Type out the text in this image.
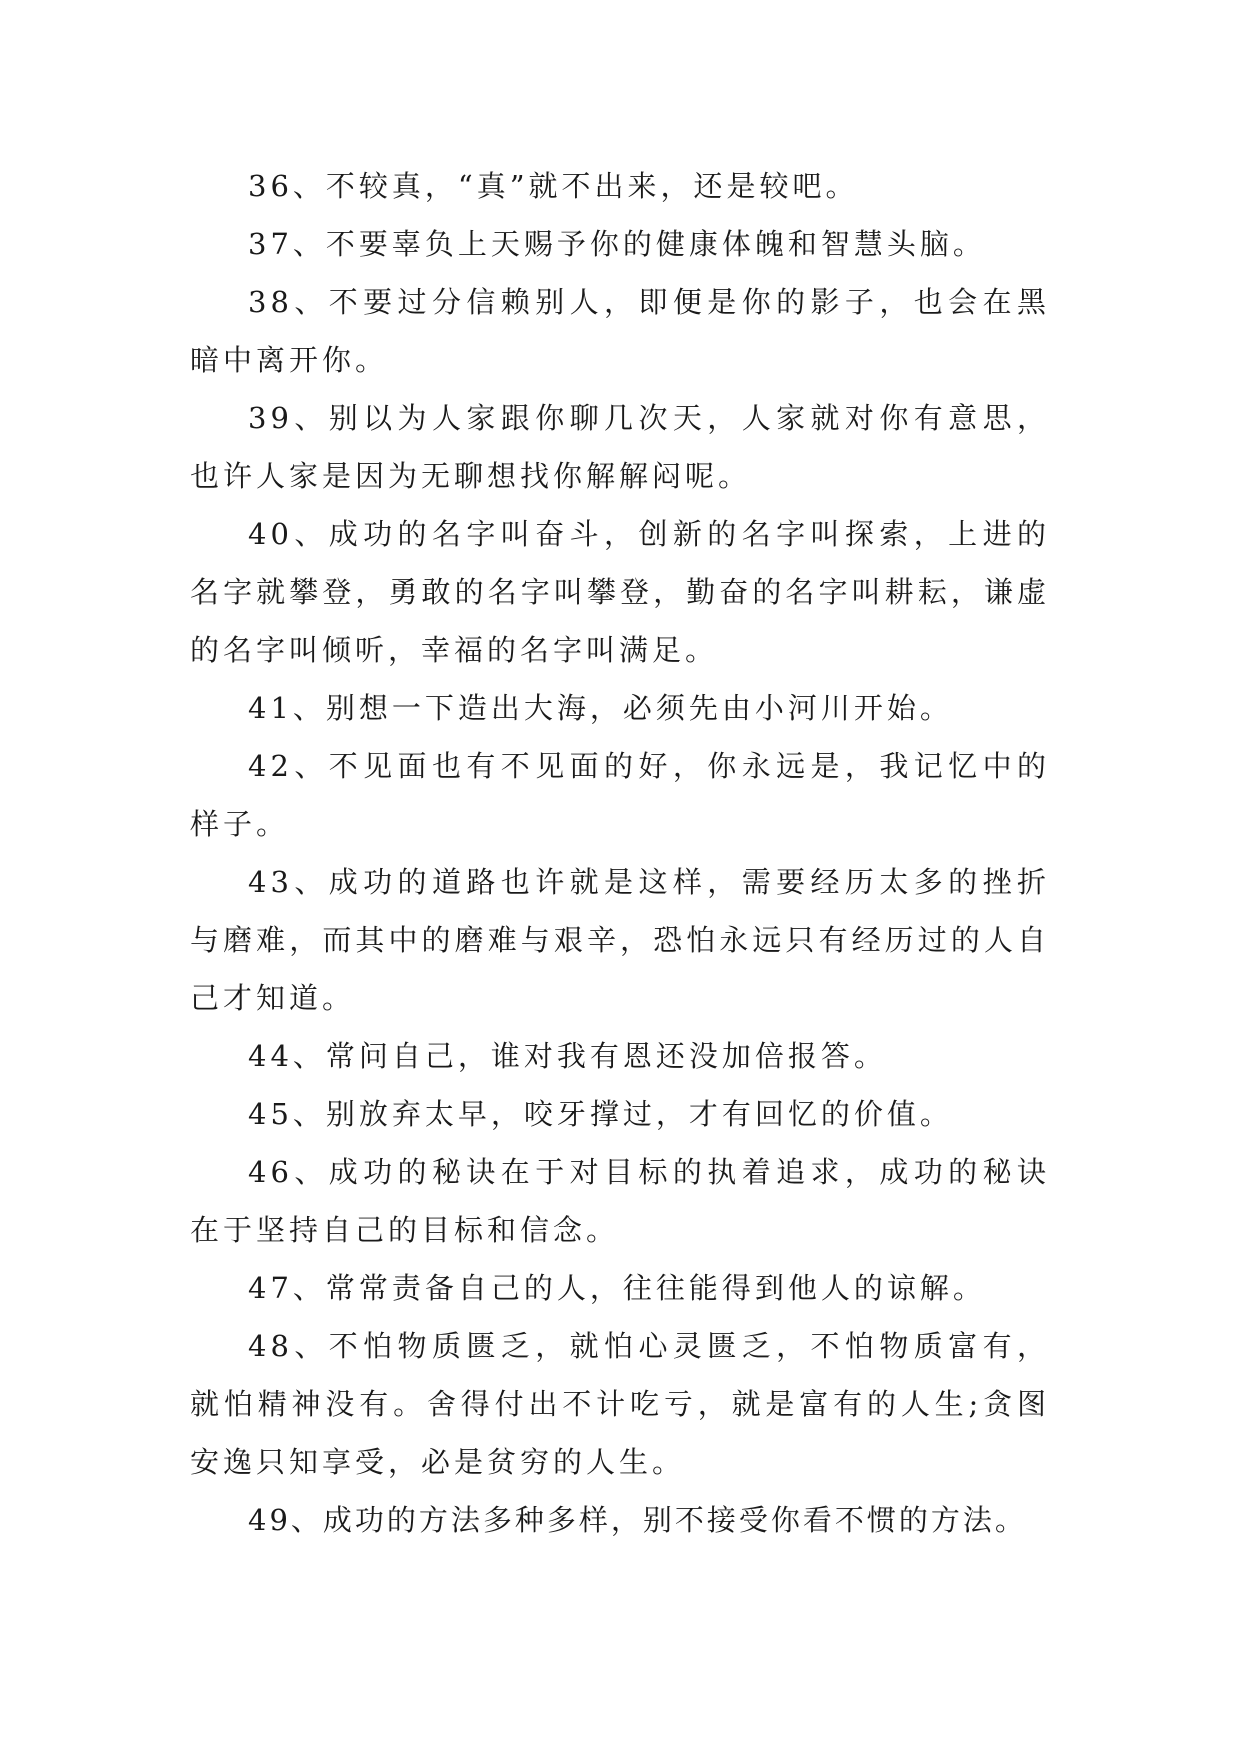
36、不较真，“真”就不出来，还是较吧。

37、不要辜负上天赐予你的健康体魄和智慧头脑。

38、不要过分信赖别人，即便是你的影子，也会在黑暗中离开你。

39、别以为人家跟你聊几次天，人家就对你有意思，也许人家是因为无聊想找你解解闷呢。

40、成功的名字叫奋斗，创新的名字叫探索，上进的名字就攀登，勇敢的名字叫攀登，勤奋的名字叫耕耘，谦虚的名字叫倾听，幸福的名字叫满足。

41、别想一下造出大海，必须先由小河川开始。

42、不见面也有不见面的好，你永远是，我记忆中的样子。

43、成功的道路也许就是这样，需要经历太多的挫折与磨难，而其中的磨难与艰辛，恐怕永远只有经历过的人自己才知道。

44、常问自己，谁对我有恩还没加倍报答。

45、别放弃太早，咬牙撑过，才有回忆的价值。

46、成功的秘诀在于对目标的执着追求，成功的秘诀在于坚持自己的目标和信念。

47、常常责备自己的人，往往能得到他人的谅解。

48、不怕物质匮乏，就怕心灵匮乏，不怕物质富有，就怕精神没有。舍得付出不计吃亏，就是富有的人生;贪图安逸只知享受，必是贫穷的人生。

49、成功的方法多种多样，别不接受你看不惯的方法。
